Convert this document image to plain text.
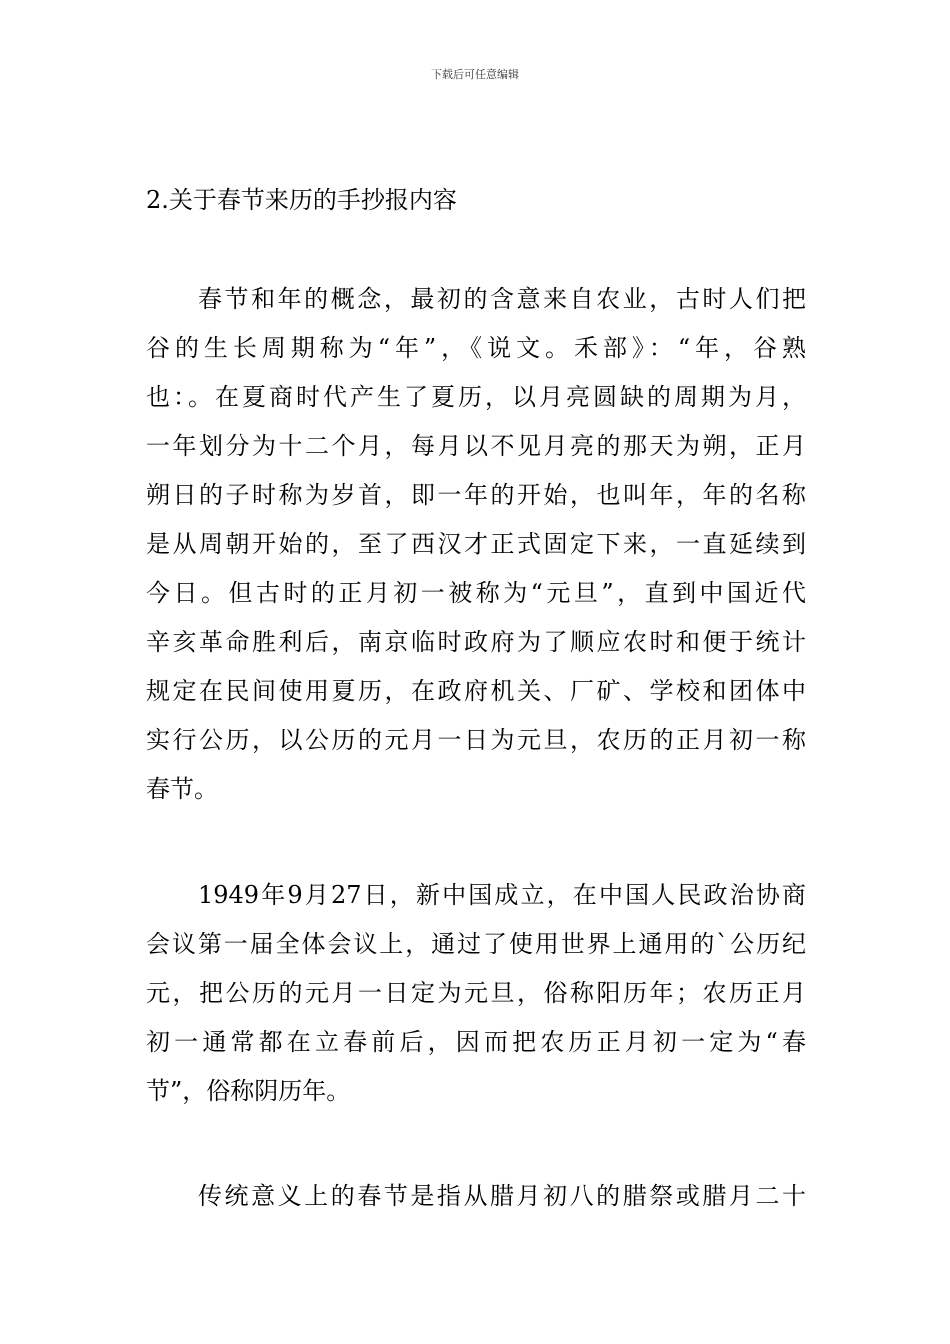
下载后可任意编辑
2.关于春节来历的手抄报内容
春节和年的概念，最初的含意来自农业，古时人们把
谷的生长周期称为“年”，《说文。禾部》：“年，谷熟
也：。在夏商时代产生了夏历，以月亮圆缺的周期为月，
一年划分为十二个月，每月以不见月亮的那天为朔，正月
朔日的子时称为岁首，即一年的开始，也叫年，年的名称
是从周朝开始的，至了西汉才正式固定下来，一直延续到
今日。但古时的正月初一被称为“元旦”，直到中国近代
辛亥革命胜利后，南京临时政府为了顺应农时和便于统计
规定在民间使用夏历，在政府机关、厂矿、学校和团体中
实行公历，以公历的元月一日为元旦，农历的正月初一称
春节。
1949年9月27日，新中国成立，在中国人民政治协商
会议第一届全体会议上，通过了使用世界上通用的`公历纪
元，把公历的元月一日定为元旦，俗称阳历年；农历正月
初一通常都在立春前后，因而把农历正月初一定为“春
节”，俗称阴历年。
传统意义上的春节是指从腊月初八的腊祭或腊月二十
